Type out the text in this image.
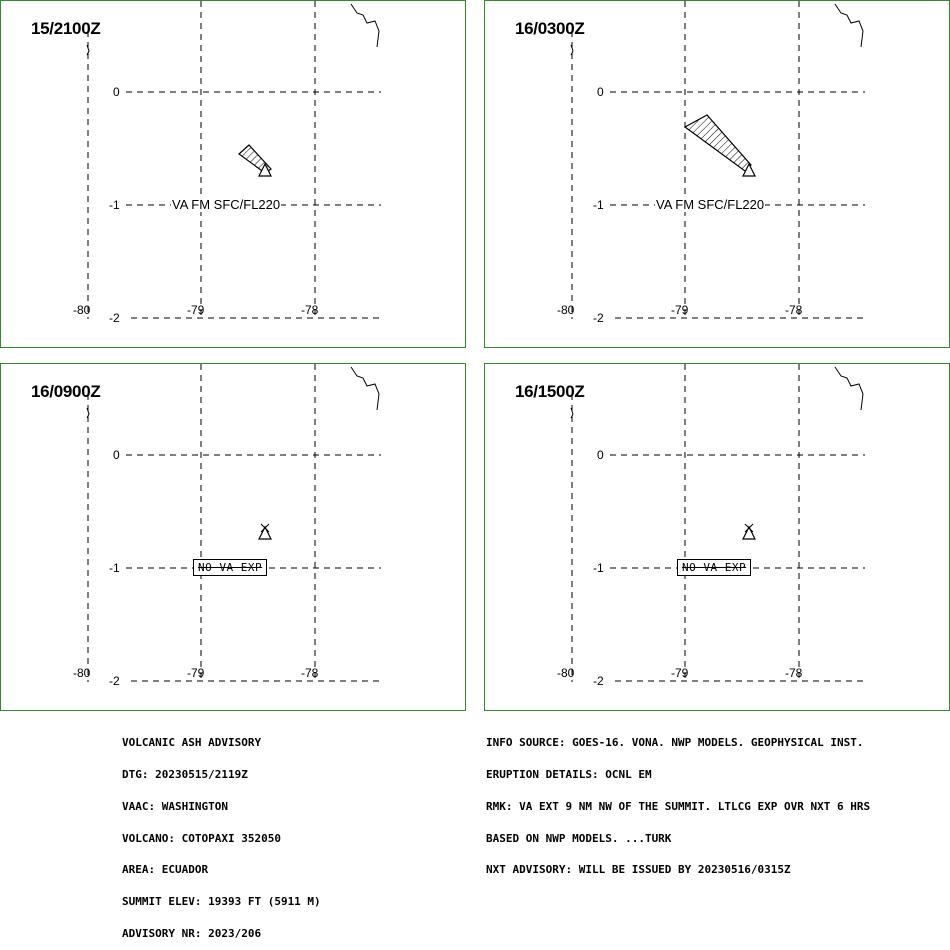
15/2100Z
0
-1
-2
-80	-79	-78
VA FM SFC/FL220
16/0300Z
0
-1
-2
-80	-79	-78
VA FM SFC/FL220
16/0900Z
0
-1
-2
-80	-79	-78
NO VA EXP
16/1500Z
0
-1
-2
-80	-79	-78
NO VA EXP

VOLCANIC ASH ADVISORY

DTG: 20230515/2119Z

VAAC: WASHINGTON

VOLCANO: COTOPAXI 352050

AREA: ECUADOR

SUMMIT ELEV: 19393 FT (5911 M)

ADVISORY NR: 2023/206

INFO SOURCE: GOES-16. VONA. NWP MODELS. GEOPHYSICAL INST.

ERUPTION DETAILS: OCNL EM

RMK: VA EXT 9 NM NW OF THE SUMMIT. LTLCG EXP OVR NXT 6 HRS

BASED ON NWP MODELS. ...TURK

NXT ADVISORY: WILL BE ISSUED BY 20230516/0315Z
